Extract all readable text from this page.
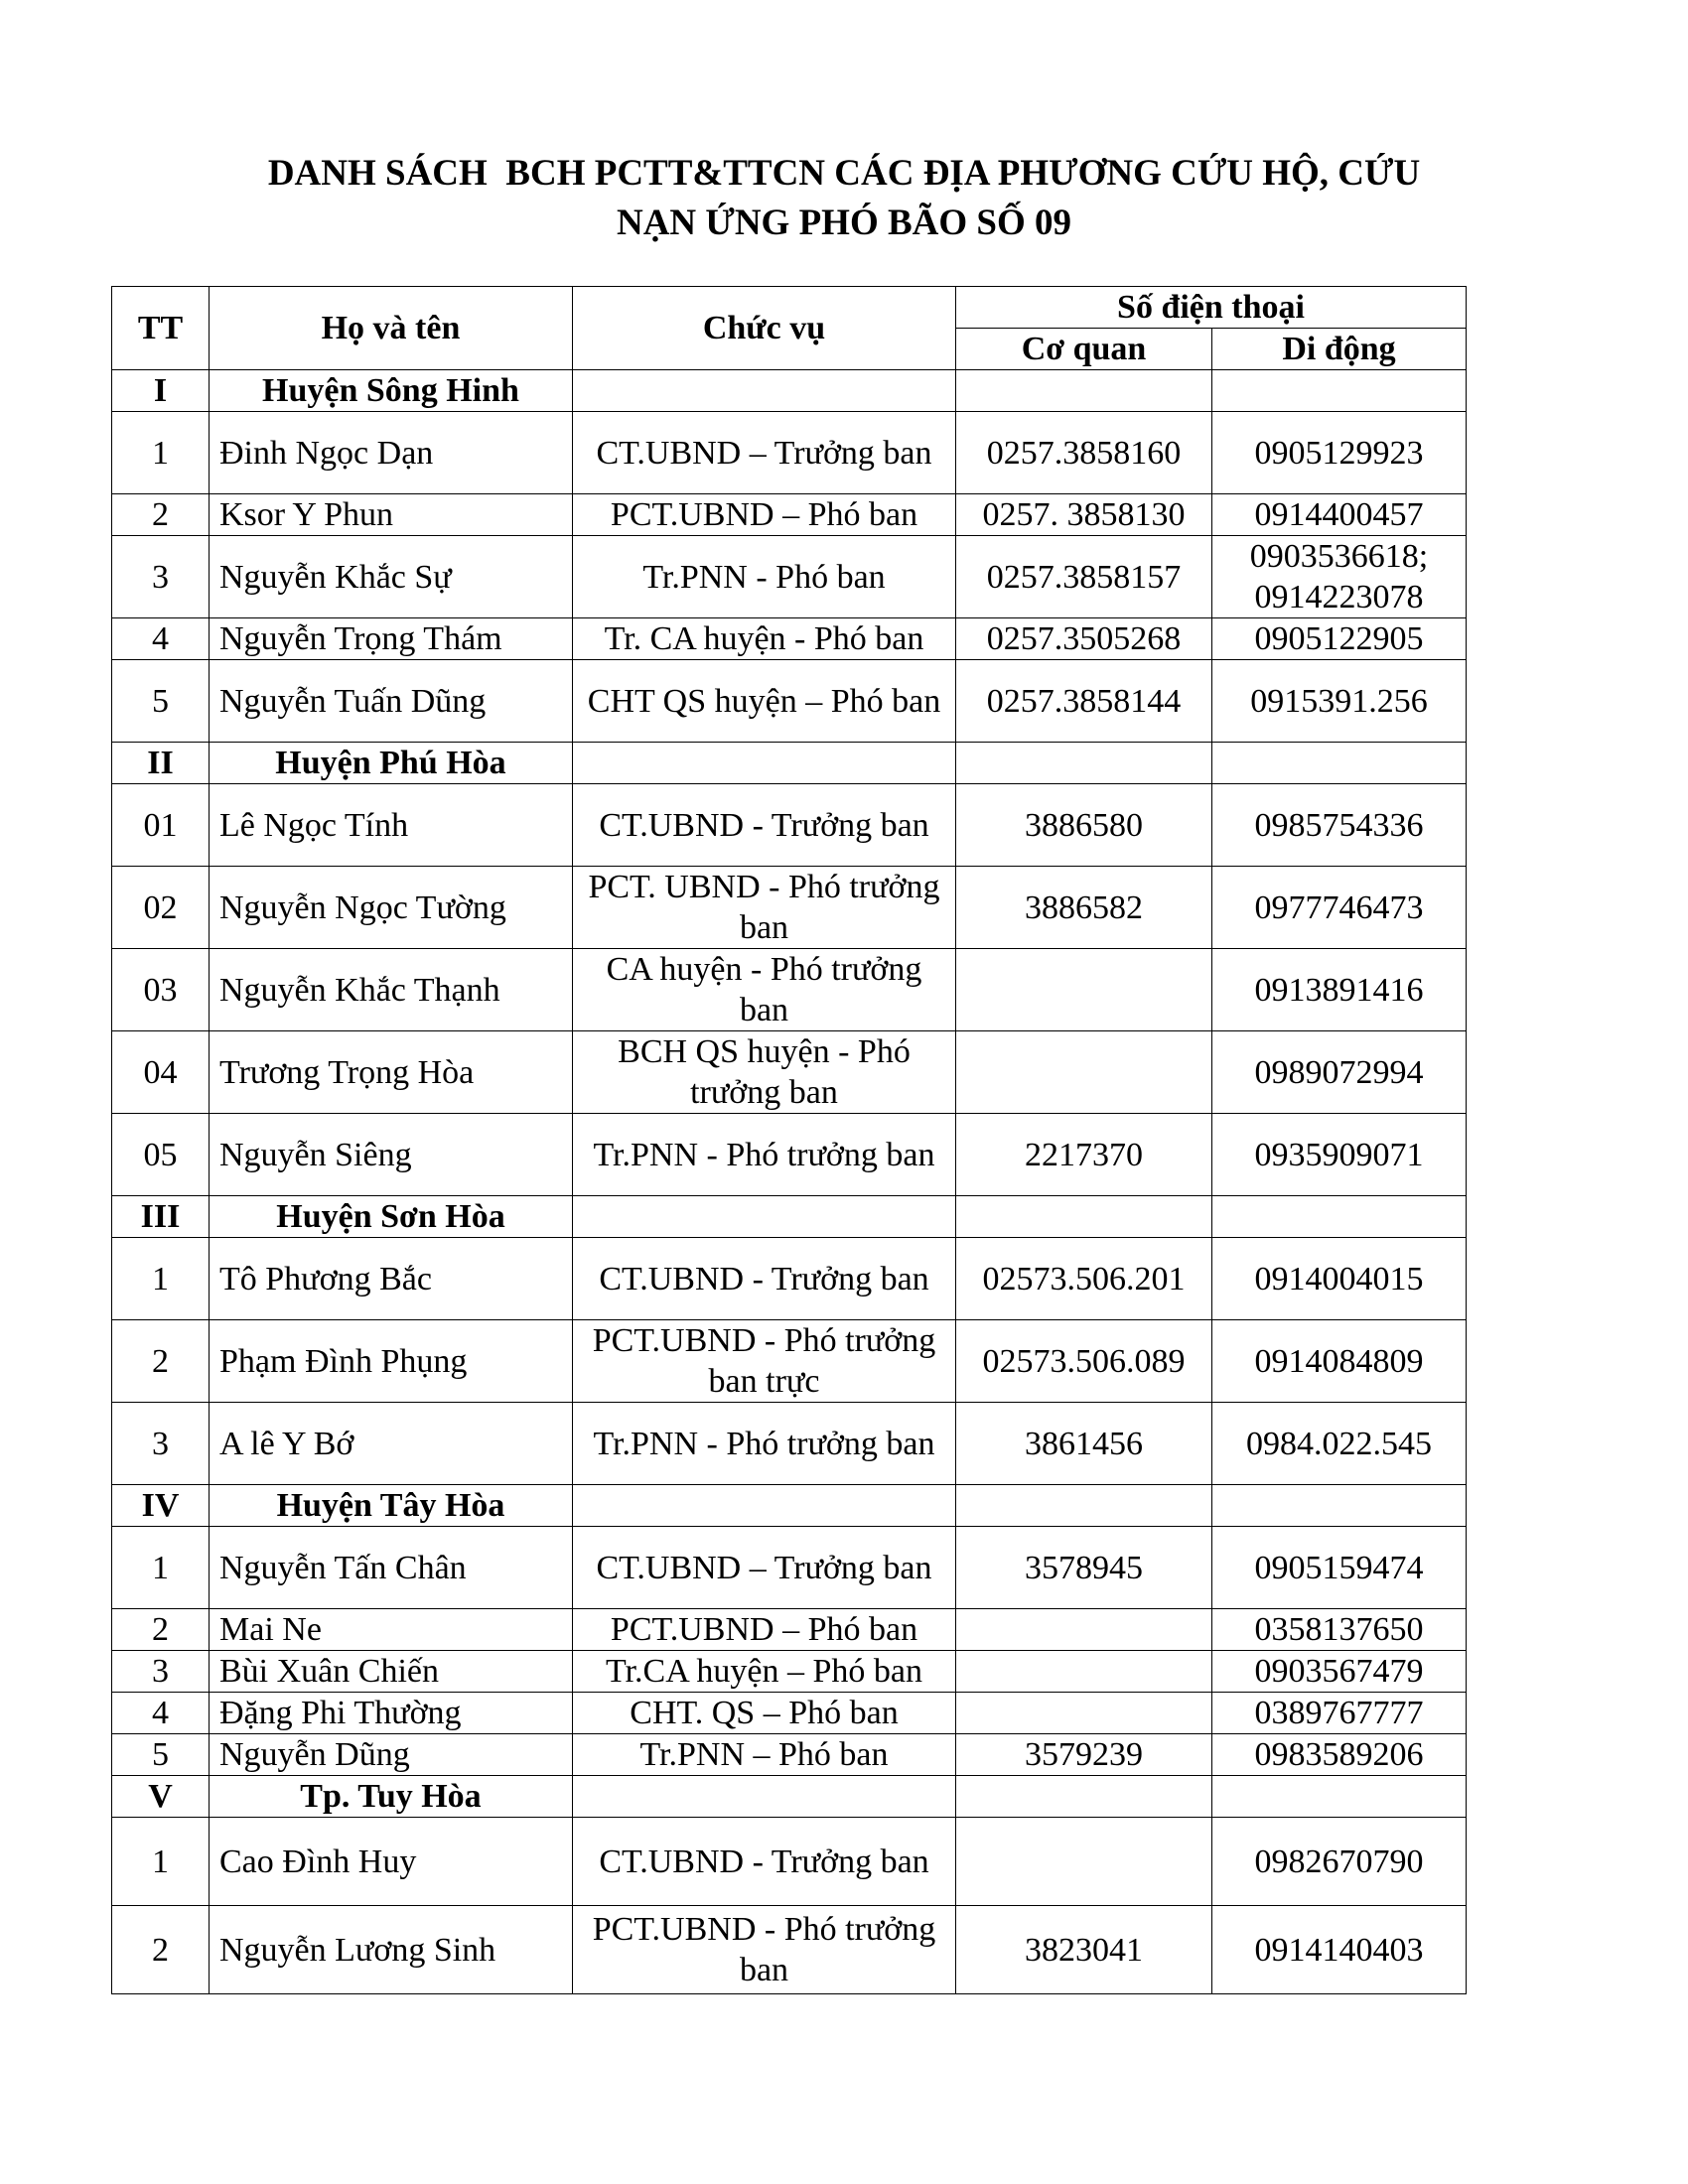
DANH SÁCH  BCH PCTT&TTCN CÁC ĐỊA PHƯƠNG CỨU HỘ, CỨU
NẠN ỨNG PHÓ BÃO SỐ 09
TT	Họ và tên	Chức vụ	Số điện thoại	
			Cơ quan	Di động
I	Huyện Sông Hinh			
1	Đinh Ngọc Dạn	CT.UBND – Trưởng ban	0257.3858160	0905129923
2	Ksor Y Phun	PCT.UBND – Phó ban	0257. 3858130	0914400457
3	Nguyễn Khắc Sự	Tr.PNN - Phó ban	0257.3858157	0903536618; 0914223078
4	Nguyễn Trọng Thám	Tr. CA huyện - Phó ban	0257.3505268	0905122905
5	Nguyễn Tuấn Dũng	CHT QS huyện – Phó ban	0257.3858144	0915391.256
II	Huyện Phú Hòa			
01	Lê Ngọc Tính	CT.UBND - Trưởng ban	3886580	0985754336
02	Nguyễn Ngọc Tường	PCT. UBND - Phó trưởng ban	3886582	0977746473
03	Nguyễn Khắc Thạnh	CA huyện - Phó trưởng ban		0913891416
04	Trương Trọng Hòa	BCH QS huyện - Phó trưởng ban		0989072994
05	Nguyễn Siêng	Tr.PNN - Phó trưởng ban	2217370	0935909071
III	Huyện Sơn Hòa			
1	Tô Phương Bắc	CT.UBND - Trưởng ban	02573.506.201	0914004015
2	Phạm Đình Phụng	PCT.UBND - Phó trưởng ban trực	02573.506.089	0914084809
3	A lê Y Bớ	Tr.PNN - Phó trưởng ban	3861456	0984.022.545
IV	Huyện Tây Hòa			
1	Nguyễn Tấn Chân	CT.UBND – Trưởng ban	3578945	0905159474
2	Mai Ne	PCT.UBND – Phó ban		0358137650
3	Bùi Xuân Chiến	Tr.CA huyện – Phó ban		0903567479
4	Đặng Phi Thường	CHT. QS – Phó ban		0389767777
5	Nguyễn Dũng	Tr.PNN – Phó ban	3579239	0983589206
V	Tp. Tuy Hòa			
1	Cao Đình Huy	CT.UBND - Trưởng ban		0982670790
2	Nguyễn Lương Sinh	PCT.UBND - Phó trưởng ban	3823041	0914140403
